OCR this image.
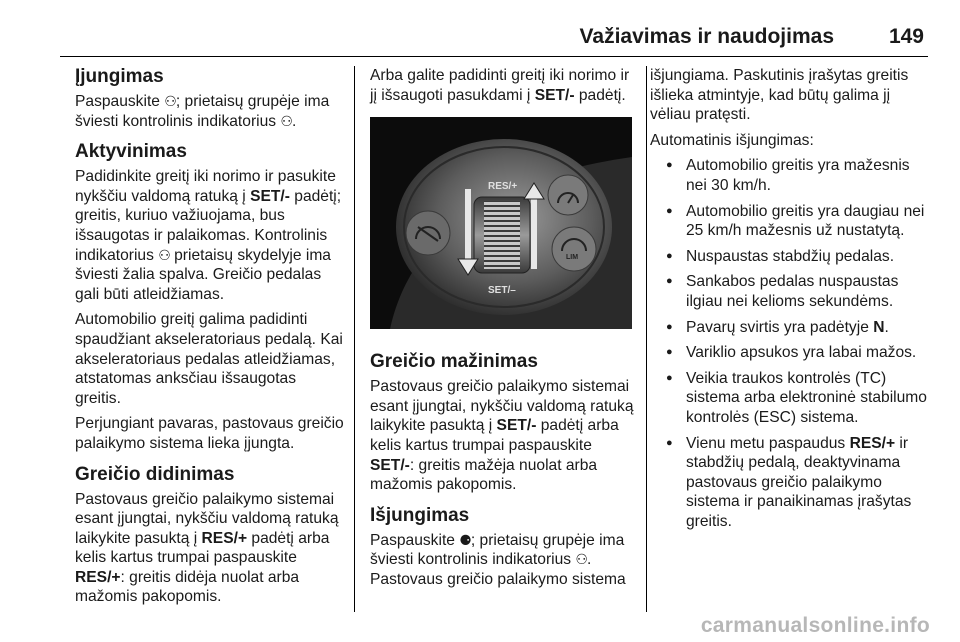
Važiavimas ir naudojimas	149
Įjungimas

Paspauskite ⚇; prietaisų grupėje ima šviesti kontrolinis indikatorius ⚇.

Aktyvinimas

Padidinkite greitį iki norimo ir pasukite nykščiu valdomą ratuką į SET/- padėtį; greitis, kuriuo važiuojama, bus išsaugotas ir palaikomas. Kontrolinis indikatorius ⚇ prietaisų skydelyje ima šviesti žalia spalva. Greičio pedalas gali būti atleidžiamas.

Automobilio greitį galima padidinti spaudžiant akseleratoriaus pedalą. Kai akseleratoriaus pedalas atleidžiamas, atstatomas anksčiau išsaugotas greitis.

Perjungiant pavaras, pastovaus greičio palaikymo sistema lieka įjungta.

Greičio didinimas

Pastovaus greičio palaikymo sistemai esant įjungtai, nykščiu valdomą ratuką laikykite pasuktą į RES/+ padėtį arba kelis kartus trumpai paspauskite RES/+: greitis didėja nuolat arba mažomis pakopomis.

Arba galite padidinti greitį iki norimo ir jį išsaugoti pasukdami į SET/- padėtį.

RES/+
SET/–
LIM
Greičio mažinimas

Pastovaus greičio palaikymo sistemai esant įjungtai, nykščiu valdomą ratuką laikykite pasuktą į SET/- padėtį arba kelis kartus trumpai paspauskite SET/-: greitis mažėja nuolat arba mažomis pakopomis.

Išjungimas

Paspauskite ⚈; prietaisų grupėje ima šviesti kontrolinis indikatorius ⚇. Pastovaus greičio palaikymo sistema

išjungiama. Paskutinis įrašytas greitis išlieka atmintyje, kad būtų galima jį vėliau pratęsti.

Automatinis išjungimas:

● Automobilio greitis yra mažesnis nei 30 km/h.
● Automobilio greitis yra daugiau nei 25 km/h mažesnis už nustatytą.
● Nuspaustas stabdžių pedalas.
● Sankabos pedalas nuspaustas ilgiau nei kelioms sekundėms.
● Pavarų svirtis yra padėtyje N.
● Variklio apsukos yra labai mažos.
● Veikia traukos kontrolės (TC) sistema arba elektroninė stabilumo kontrolės (ESC) sistema.
● Vienu metu paspaudus RES/+ ir stabdžių pedalą, deaktyvinama pastovaus greičio palaikymo sistema ir panaikinamas įrašytas greitis.
carmanualsonline.info
